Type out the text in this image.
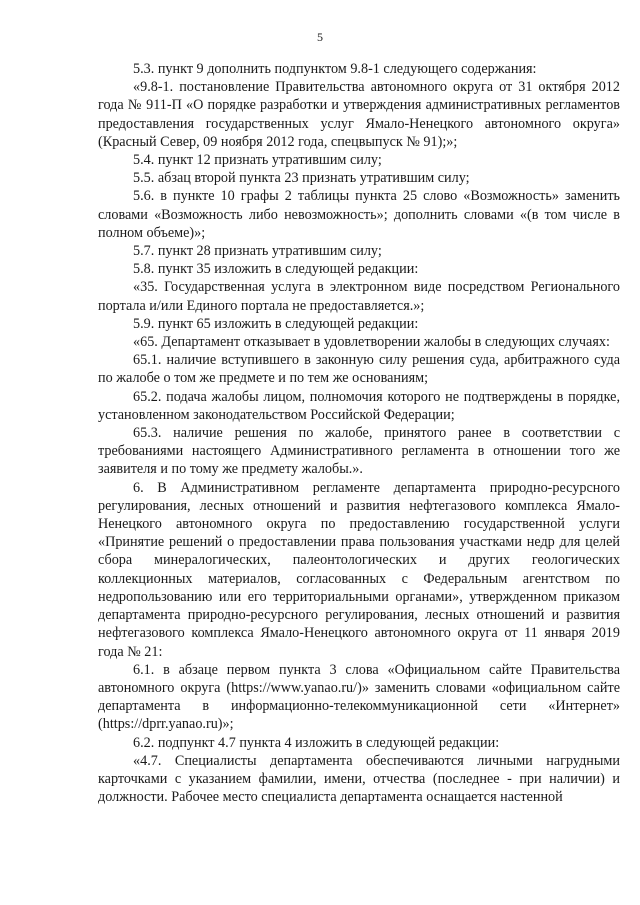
5

5.3. пункт 9 дополнить подпунктом 9.8-1 следующего содержания:

«9.8-1. постановление Правительства автономного округа от 31 октября 2012 года № 911-П «О порядке разработки и утверждения административных регламентов предоставления государственных услуг Ямало-Ненецкого автономного округа» (Красный Север, 09 ноября 2012 года, спецвыпуск № 91);»;

5.4. пункт 12 признать утратившим силу;

5.5. абзац второй пункта 23 признать утратившим силу;

5.6. в пункте 10 графы 2 таблицы пункта 25 слово «Возможность» заменить словами «Возможность либо невозможность»; дополнить словами «(в том числе в полном объеме)»;

5.7. пункт 28 признать утратившим силу;

5.8. пункт 35 изложить в следующей редакции:

«35. Государственная услуга в электронном виде посредством Регионального портала и/или Единого портала не предоставляется.»;

5.9. пункт 65 изложить в следующей редакции:

«65. Департамент отказывает в удовлетворении жалобы в следующих случаях:

65.1. наличие вступившего в законную силу решения суда, арбитражного суда по жалобе о том же предмете и по тем же основаниям;

65.2. подача жалобы лицом, полномочия которого не подтверждены в порядке, установленном законодательством Российской Федерации;

65.3. наличие решения по жалобе, принятого ранее в соответствии с требованиями настоящего Административного регламента в отношении того же заявителя и по тому же предмету жалобы.».

6. В Административном регламенте департамента природно-ресурсного регулирования, лесных отношений и развития нефтегазового комплекса Ямало-Ненецкого автономного округа по предоставлению государственной услуги «Принятие решений о предоставлении права пользования участками недр для целей сбора минералогических, палеонтологических и других геологических коллекционных материалов, согласованных с Федеральным агентством по недропользованию или его территориальными органами», утвержденном приказом департамента природно-ресурсного регулирования, лесных отношений и развития нефтегазового комплекса Ямало-Ненецкого автономного округа от 11 января 2019 года № 21:

6.1. в абзаце первом пункта 3 слова «Официальном сайте Правительства автономного округа (https://www.yanao.ru/)» заменить словами «официальном сайте департамента в информационно-телекоммуникационной сети «Интернет» (https://dprr.yanao.ru)»;

6.2. подпункт 4.7 пункта 4 изложить в следующей редакции:

«4.7. Специалисты департамента обеспечиваются личными нагрудными карточками с указанием фамилии, имени, отчества (последнее - при наличии) и должности. Рабочее место специалиста департамента оснащается настенной
